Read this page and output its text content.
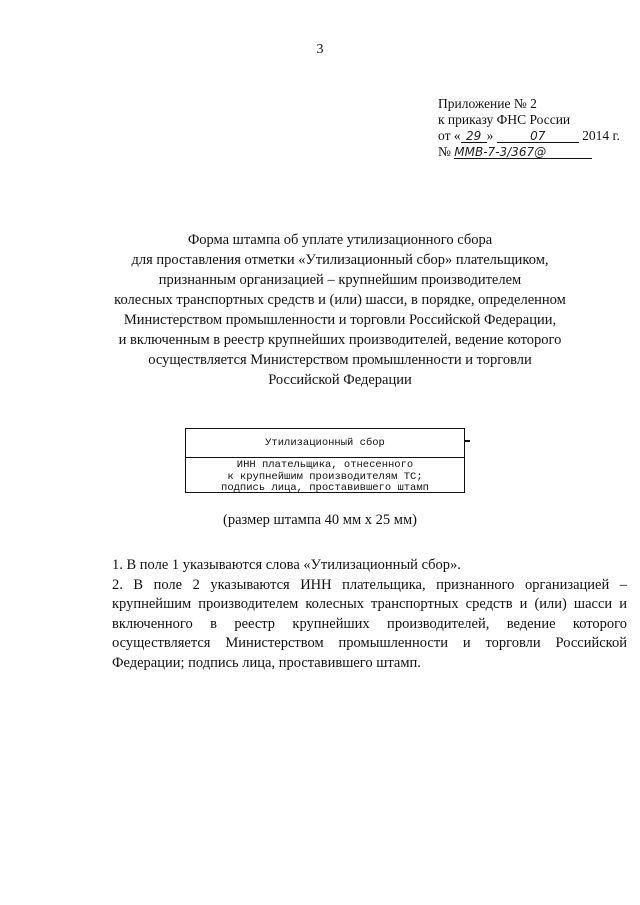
3
Приложение № 2
к приказу ФНС России
от « 29 »	07	2014 г.
№ ММВ-7-3/367@
Форма штампа об уплате утилизационного сбора
для проставления отметки «Утилизационный сбор» плательщиком,
признанным организацией – крупнейшим производителем
колесных транспортных средств и (или) шасси, в порядке, определенном
Министерством промышленности и торговли Российской Федерации,
и включенным в реестр крупнейших производителей, ведение которого
осуществляется Министерством промышленности и торговли
Российской Федерации
Утилизационный сбор
ИНН плательщика, отнесенного
к крупнейшим производителям ТС;
подпись лица, проставившего штамп
(размер штампа 40 мм х 25 мм)

1. В поле 1 указываются слова «Утилизационный сбор».

2. В поле 2 указываются ИНН плательщика, признанного организацией – крупнейшим производителем колесных транспортных средств и (или) шасси и включенного в реестр крупнейших производителей, ведение которого осуществляется Министерством промышленности и торговли Российской Федерации; подпись лица, проставившего штамп.
